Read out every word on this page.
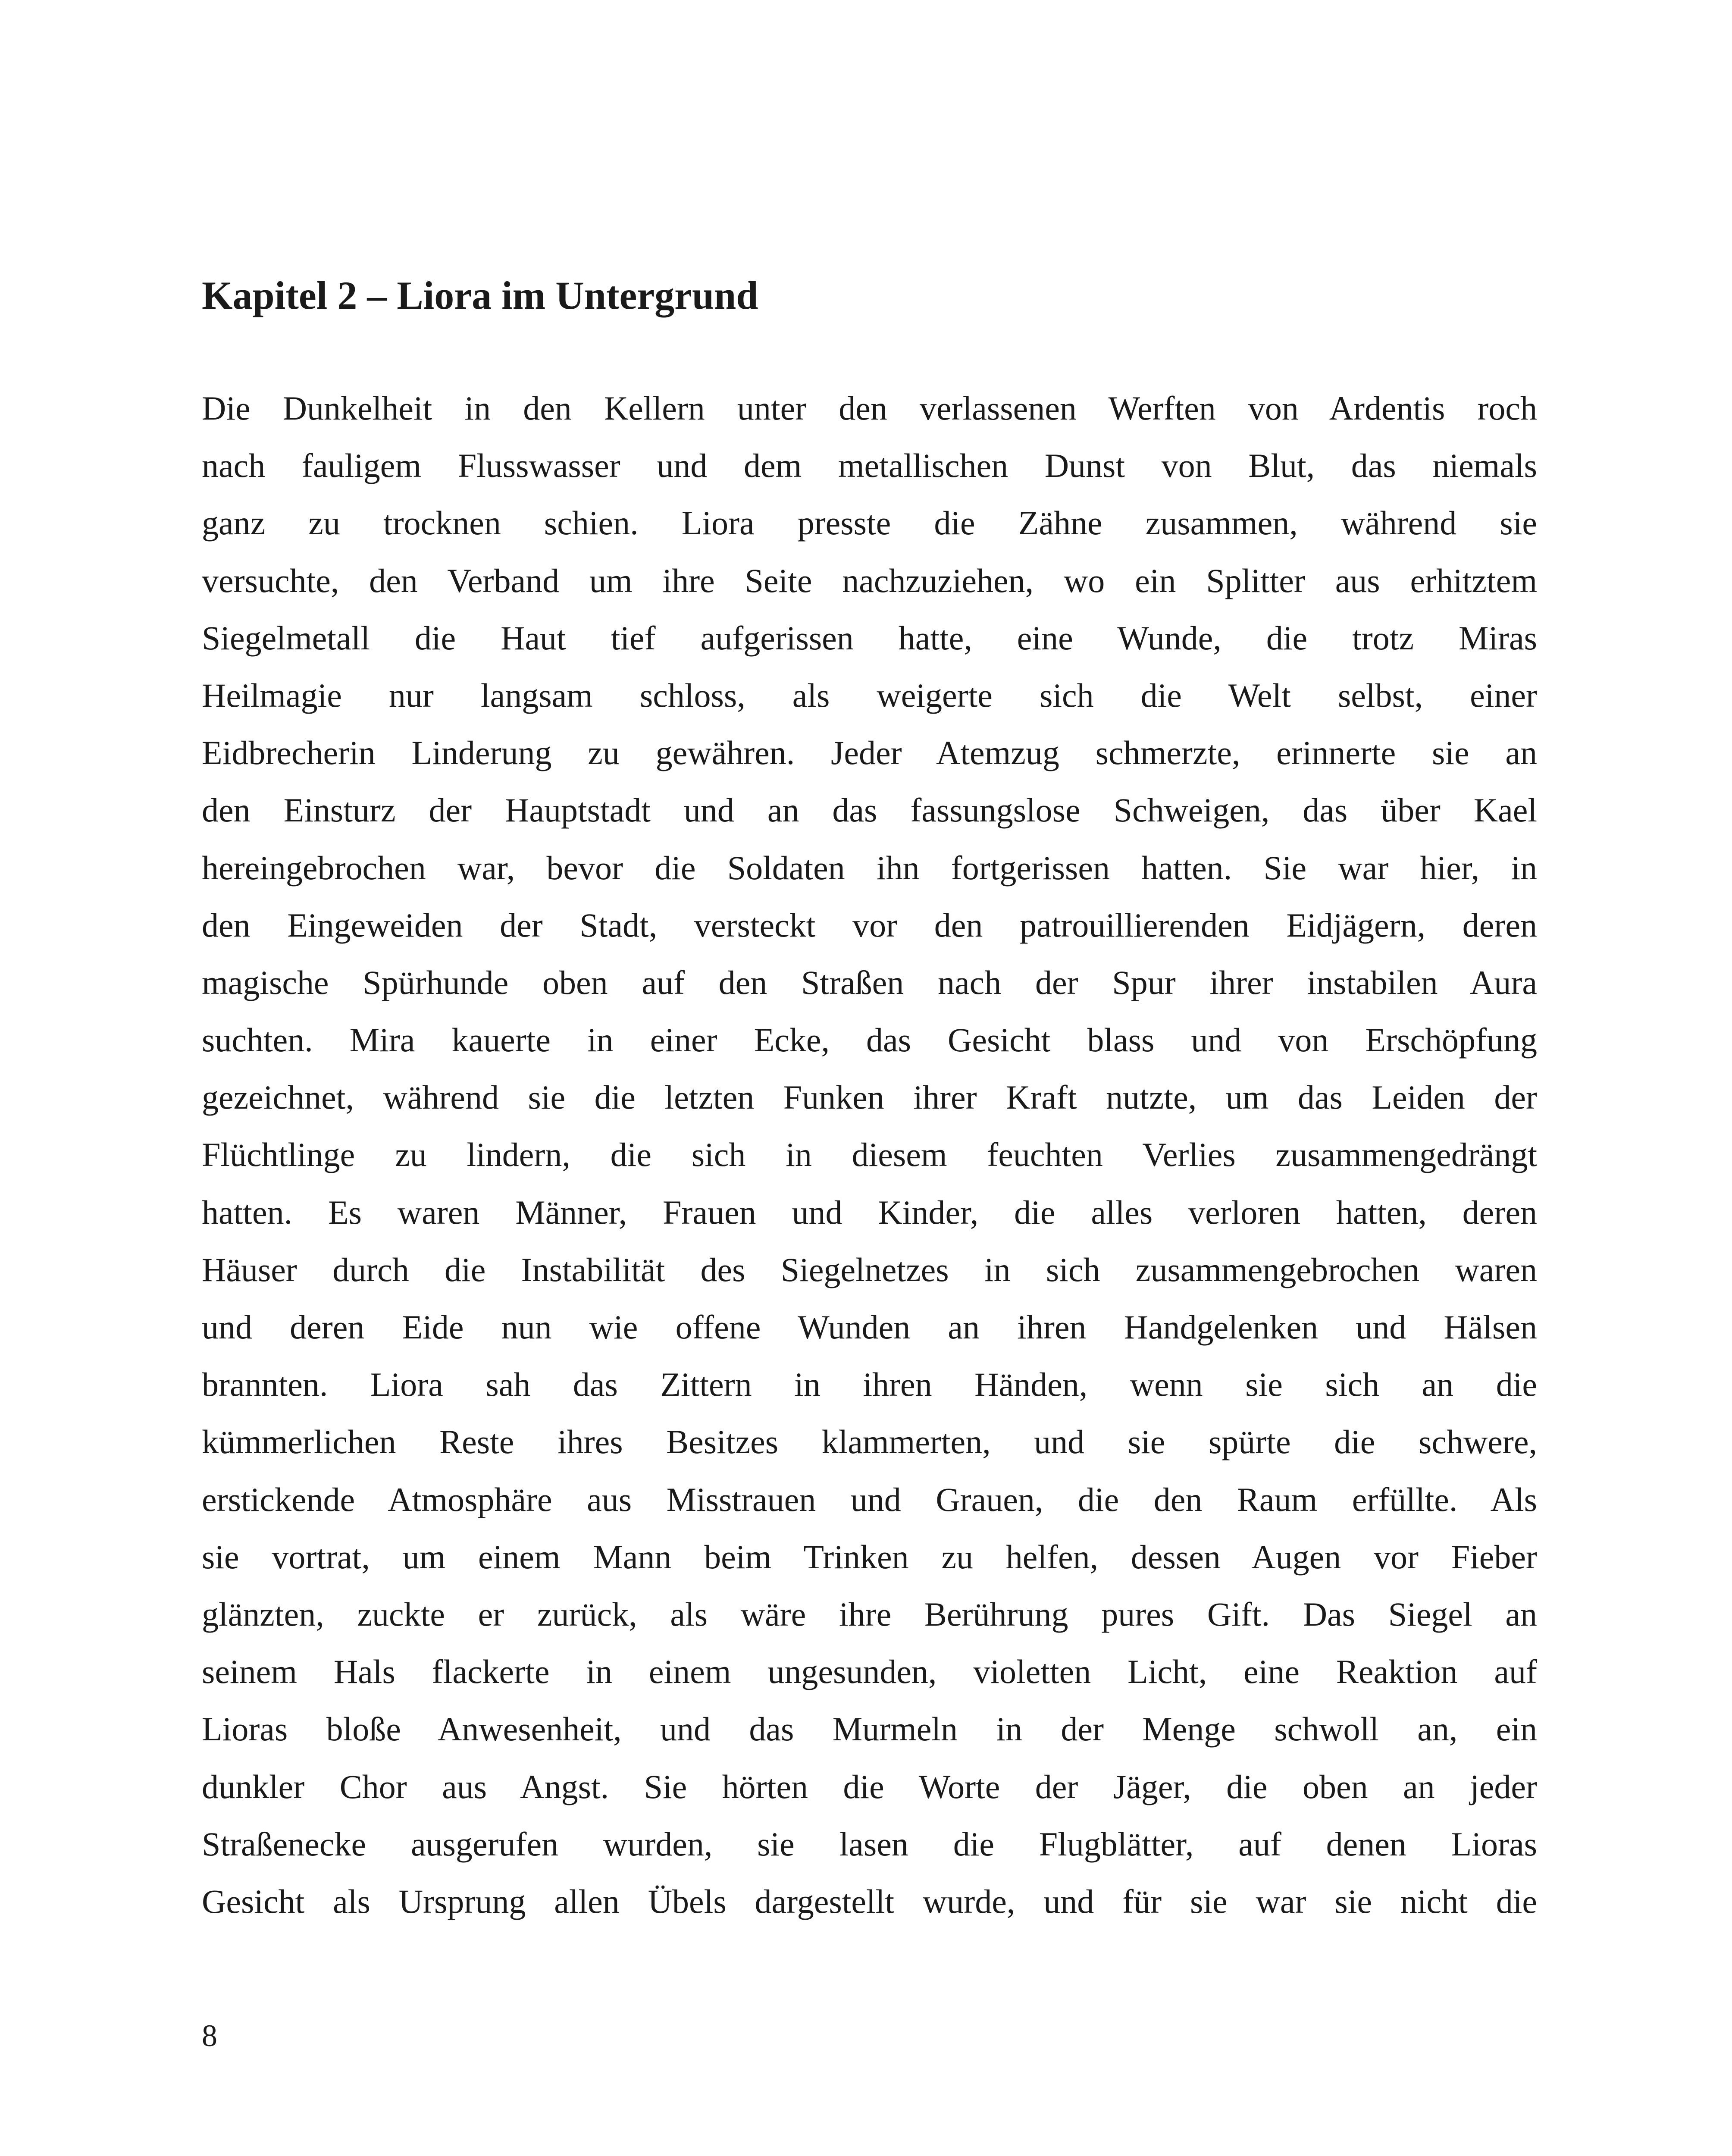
Kapitel 2 – Liora im Untergrund
Die Dunkelheit in den Kellern unter den verlassenen Werften von Ardentis roch
nach fauligem Flusswasser und dem metallischen Dunst von Blut, das niemals
ganz zu trocknen schien. Liora presste die Zähne zusammen, während sie
versuchte, den Verband um ihre Seite nachzuziehen, wo ein Splitter aus erhitztem
Siegelmetall die Haut tief aufgerissen hatte, eine Wunde, die trotz Miras
Heilmagie nur langsam schloss, als weigerte sich die Welt selbst, einer
Eidbrecherin Linderung zu gewähren. Jeder Atemzug schmerzte, erinnerte sie an
den Einsturz der Hauptstadt und an das fassungslose Schweigen, das über Kael
hereingebrochen war, bevor die Soldaten ihn fortgerissen hatten. Sie war hier, in
den Eingeweiden der Stadt, versteckt vor den patrouillierenden Eidjägern, deren
magische Spürhunde oben auf den Straßen nach der Spur ihrer instabilen Aura
suchten. Mira kauerte in einer Ecke, das Gesicht blass und von Erschöpfung
gezeichnet, während sie die letzten Funken ihrer Kraft nutzte, um das Leiden der
Flüchtlinge zu lindern, die sich in diesem feuchten Verlies zusammengedrängt
hatten. Es waren Männer, Frauen und Kinder, die alles verloren hatten, deren
Häuser durch die Instabilität des Siegelnetzes in sich zusammengebrochen waren
und deren Eide nun wie offene Wunden an ihren Handgelenken und Hälsen
brannten. Liora sah das Zittern in ihren Händen, wenn sie sich an die
kümmerlichen Reste ihres Besitzes klammerten, und sie spürte die schwere,
erstickende Atmosphäre aus Misstrauen und Grauen, die den Raum erfüllte. Als
sie vortrat, um einem Mann beim Trinken zu helfen, dessen Augen vor Fieber
glänzten, zuckte er zurück, als wäre ihre Berührung pures Gift. Das Siegel an
seinem Hals flackerte in einem ungesunden, violetten Licht, eine Reaktion auf
Lioras bloße Anwesenheit, und das Murmeln in der Menge schwoll an, ein
dunkler Chor aus Angst. Sie hörten die Worte der Jäger, die oben an jeder
Straßenecke ausgerufen wurden, sie lasen die Flugblätter, auf denen Lioras
Gesicht als Ursprung allen Übels dargestellt wurde, und für sie war sie nicht die
8
